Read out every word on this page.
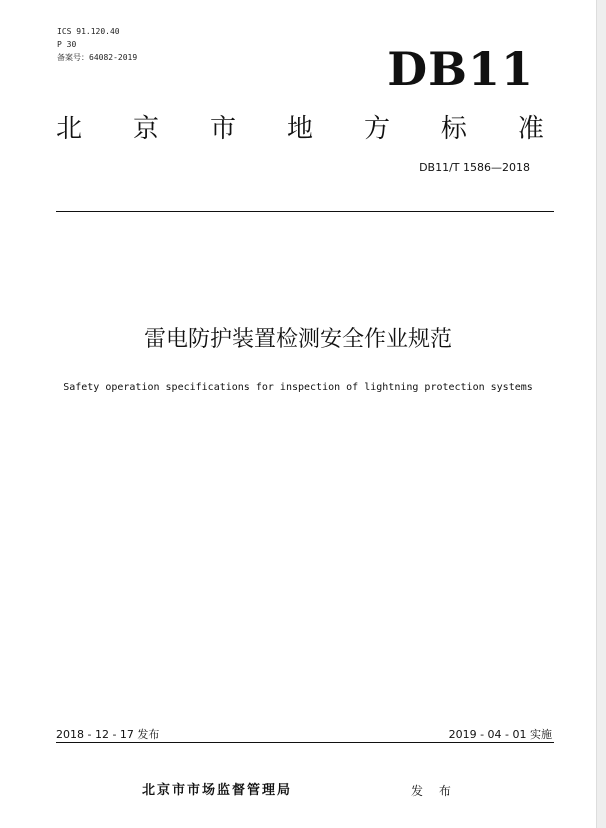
ICS 91.120.40
P 30
备案号：64082-2019	DB11
北 京 市 地 方 标 准
DB11/T 1586—2018
雷电防护装置检测安全作业规范
Safety operation specifications for inspection of lightning protection systems
2018 - 12 - 17 发布	2019 - 04 - 01 实施
北京市市场监督管理局	发 布
